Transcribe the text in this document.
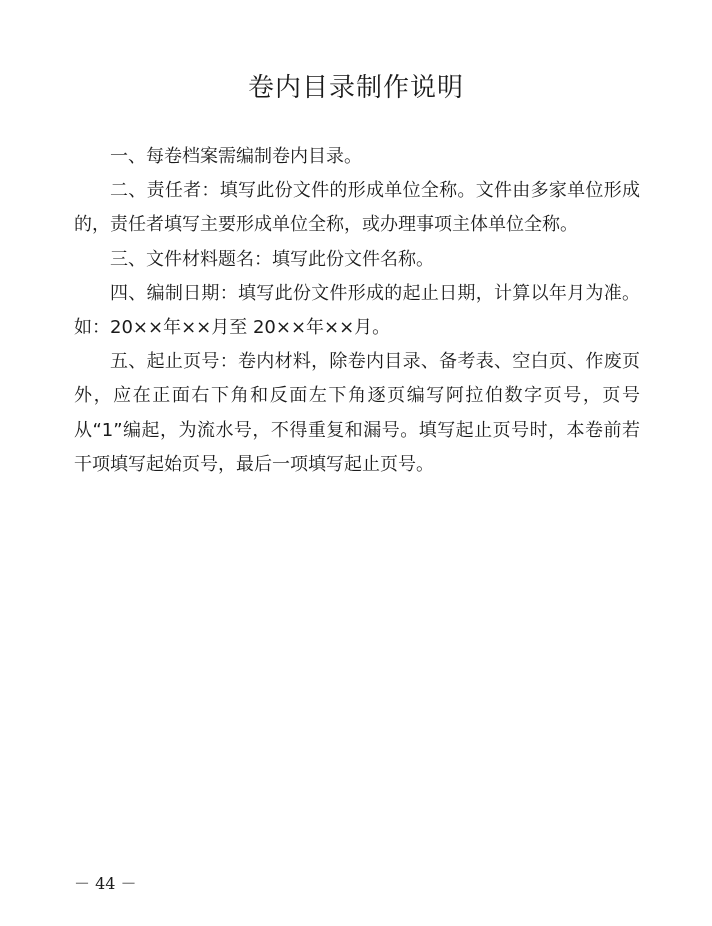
卷内目录制作说明

一、每卷档案需编制卷内目录。

二、责任者：填写此份文件的形成单位全称。文件由多家单位形成的，责任者填写主要形成单位全称，或办理事项主体单位全称。

三、文件材料题名：填写此份文件名称。

四、编制日期：填写此份文件形成的起止日期，计算以年月为准。如：20××年××月至 20××年××月。

五、起止页号：卷内材料，除卷内目录、备考表、空白页、作废页外，应在正面右下角和反面左下角逐页编写阿拉伯数字页号，页号从“1”编起，为流水号，不得重复和漏号。填写起止页号时，本卷前若干项填写起始页号，最后一项填写起止页号。

－ 44 －
